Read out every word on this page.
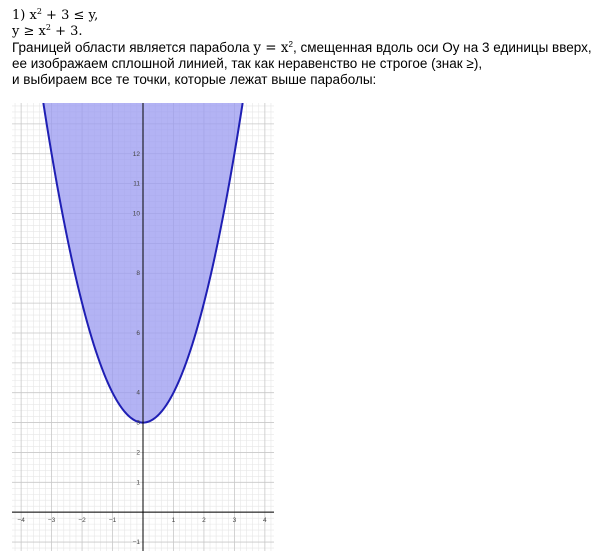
1) $x^2 + 3 \le y$,
$y \ge x^2 + 3$.
Границей области является парабола $y = x^2$, смещенная вдоль оси Oy на 3 единицы вверх,
ее изображаем сплошной линией, так как неравенство не строгое (знак ≥),
и выбираем все те точки, которые лежат выше параболы:
−4	−3	−2	−1	1	2	3	4
−1
1
2
3
4
6
8
10
11
12
